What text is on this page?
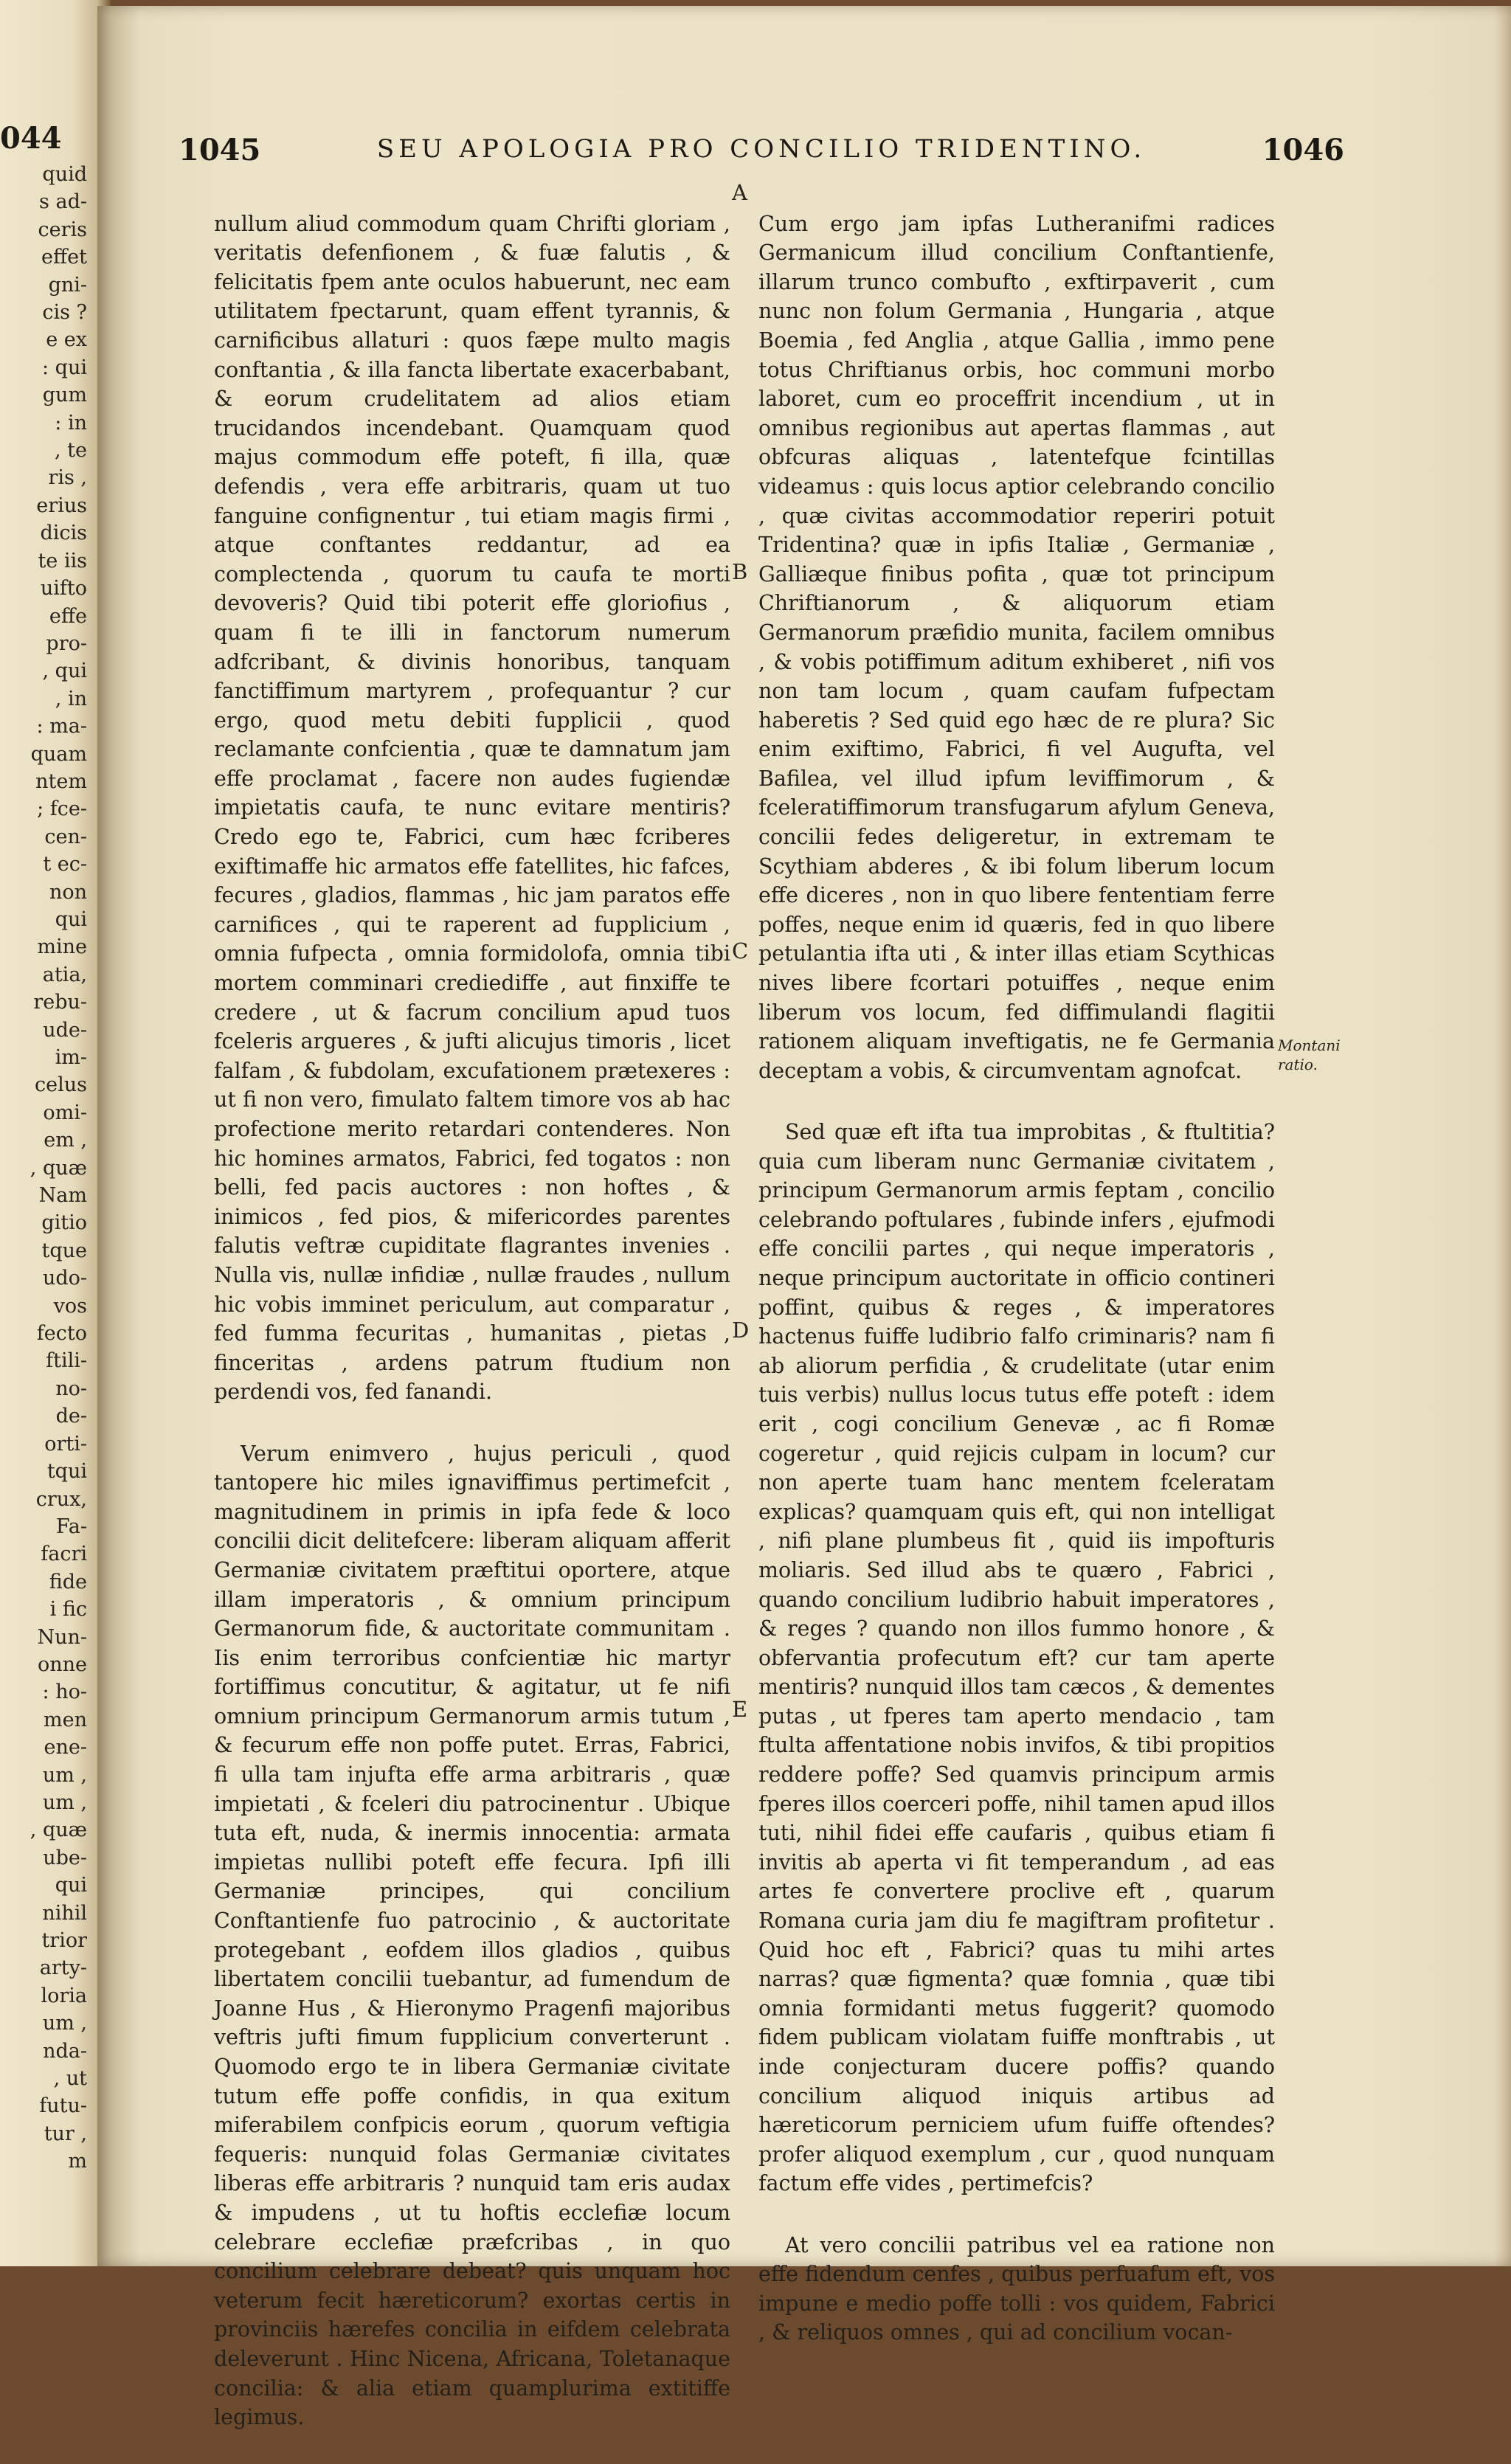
044
quid
s ad-
ceris
effet
gni-
cis ?
e ex
: qui
gum
: in
, te
ris ,
erius
dicis
te iis
uifto
effe
pro-
, qui
, in
: ma-
quam
ntem
; fce-
cen-
t ec-
non
qui
mine
atia,
rebu-
ude-
im-
celus
omi-
em ,
, quæ
Nam
gitio
tque
udo-
vos
fecto
ftili-
no-
de-
orti-
tqui
crux,
Fa-
facri
fide
i fic
Nun-
onne
: ho-
men
ene-
um ,
um ,
, quæ
ube-
qui
nihil
trior
arty-
loria
um ,
nda-
, ut
futu-
tur ,
m
1045	SEU APOLOGIA PRO CONCILIO TRIDENTINO.	1046

nullum aliud commodum quam Chrifti gloriam , veritatis defenfionem , & fuæ falutis , & felicitatis fpem ante oculos habuerunt, nec eam utilitatem fpectarunt, quam effent tyrannis, & carnificibus allaturi : quos fæpe multo magis conftantia , & illa fancta libertate exacerbabant, & eorum crudelitatem ad alios etiam trucidandos incendebant. Quamquam quod majus commodum effe poteft, fi illa, quæ defendis , vera effe arbitraris, quam ut tuo fanguine confignentur , tui etiam magis firmi , atque conftantes reddantur, ad ea complectenda , quorum tu caufa te morti devoveris? Quid tibi poterit effe gloriofius , quam fi te illi in fanctorum numerum adfcribant, & divinis honoribus, tanquam fanctiffimum martyrem , profequantur ? cur ergo, quod metu debiti fupplicii , quod reclamante confcientia , quæ te damnatum jam effe proclamat , facere non audes fugiendæ impietatis caufa, te nunc evitare mentiris? Credo ego te, Fabrici, cum hæc fcriberes exiftimaffe hic armatos effe fatellites, hic fafces, fecures , gladios, flammas , hic jam paratos effe carnifices , qui te raperent ad fupplicium , omnia fufpecta , omnia formidolofa, omnia tibi mortem comminari crediediffe , aut finxiffe te credere , ut & facrum concilium apud tuos fceleris argueres , & jufti alicujus timoris , licet falfam , & fubdolam, excufationem prætexeres : ut fi non vero, fimulato faltem timore vos ab hac profectione merito retardari contenderes. Non hic homines armatos, Fabrici, fed togatos : non belli, fed pacis auctores : non hoftes , & inimicos , fed pios, & mifericordes parentes falutis veftræ cupiditate flagrantes invenies . Nulla vis, nullæ infidiæ , nullæ fraudes , nullum hic vobis imminet periculum, aut comparatur , fed fumma fecuritas , humanitas , pietas , finceritas , ardens patrum ftudium non perdendi vos, fed fanandi.

Verum enimvero , hujus periculi , quod tantopere hic miles ignaviffimus pertimefcit , magnitudinem in primis in ipfa fede & loco concilii dicit delitefcere: liberam aliquam afferit Germaniæ civitatem præftitui oportere, atque illam imperatoris , & omnium principum Germanorum fide, & auctoritate communitam . Iis enim terroribus confcientiæ hic martyr fortiffimus concutitur, & agitatur, ut fe nifi omnium principum Germanorum armis tutum , & fecurum effe non poffe putet. Erras, Fabrici, fi ulla tam injufta effe arma arbitraris , quæ impietati , & fceleri diu patrocinentur . Ubique tuta eft, nuda, & inermis innocentia: armata impietas nullibi poteft effe fecura. Ipfi illi Germaniæ principes, qui concilium Conftantienfe fuo patrocinio , & auctoritate protegebant , eofdem illos gladios , quibus libertatem concilii tuebantur, ad fumendum de Joanne Hus , & Hieronymo Pragenfi majoribus veftris jufti fimum fupplicium converterunt . Quomodo ergo te in libera Germaniæ civitate tutum effe poffe confidis, in qua exitum miferabilem confpicis eorum , quorum veftigia fequeris: nunquid folas Germaniæ civitates liberas effe arbitraris ? nunquid tam eris audax & impudens , ut tu hoftis ecclefiæ locum celebrare ecclefiæ præfcribas , in quo concilium celebrare debeat? quis unquam hoc veterum fecit hæreticorum? exortas certis in provinciis hærefes concilia in eifdem celebrata deleverunt . Hinc Nicena, Africana, Toletanaque concilia: & alia etiam quamplurima extitiffe legimus.

A
B
C
D
E

Cum ergo jam ipfas Lutheranifmi radices Germanicum illud concilium Conftantienfe, illarum trunco combufto , exftirpaverit , cum nunc non folum Germania , Hungaria , atque Boemia , fed Anglia , atque Gallia , immo pene totus Chriftianus orbis, hoc communi morbo laboret, cum eo proceffrit incendium , ut in omnibus regionibus aut apertas flammas , aut obfcuras aliquas , latentefque fcintillas videamus : quis locus aptior celebrando concilio , quæ civitas accommodatior reperiri potuit Tridentina? quæ in ipfis Italiæ , Germaniæ , Galliæque finibus pofita , quæ tot principum Chriftianorum , & aliquorum etiam Germanorum præfidio munita, facilem omnibus , & vobis potiffimum aditum exhiberet , nifi vos non tam locum , quam caufam fufpectam haberetis ? Sed quid ego hæc de re plura? Sic enim exiftimo, Fabrici, fi vel Augufta, vel Bafilea, vel illud ipfum leviffimorum , & fceleratiffimorum transfugarum afylum Geneva, concilii fedes deligeretur, in extremam te Scythiam abderes , & ibi folum liberum locum effe diceres , non in quo libere fententiam ferre poffes, neque enim id quæris, fed in quo libere petulantia ifta uti , & inter illas etiam Scythicas nives libere fcortari potuiffes , neque enim liberum vos locum, fed diffimulandi flagitii rationem aliquam inveftigatis, ne fe Germania deceptam a vobis, & circumventam agnofcat.

Sed quæ eft ifta tua improbitas , & ftultitia? quia cum liberam nunc Germaniæ civitatem , principum Germanorum armis feptam , concilio celebrando poftulares , fubinde infers , ejufmodi effe concilii partes , qui neque imperatoris , neque principum auctoritate in officio contineri poffint, quibus & reges , & imperatores hactenus fuiffe ludibrio falfo criminaris? nam fi ab aliorum perfidia , & crudelitate (utar enim tuis verbis) nullus locus tutus effe poteft : idem erit , cogi concilium Genevæ , ac fi Romæ cogeretur , quid rejicis culpam in locum? cur non aperte tuam hanc mentem fceleratam explicas? quamquam quis eft, qui non intelligat , nifi plane plumbeus fit , quid iis impofturis moliaris. Sed illud abs te quæro , Fabrici , quando concilium ludibrio habuit imperatores , & reges ? quando non illos fummo honore , & obfervantia profecutum eft? cur tam aperte mentiris? nunquid illos tam cæcos , & dementes putas , ut fperes tam aperto mendacio , tam ftulta affentatione nobis invifos, & tibi propitios reddere poffe? Sed quamvis principum armis fperes illos coerceri poffe, nihil tamen apud illos tuti, nihil fidei effe caufaris , quibus etiam fi invitis ab aperta vi fit temperandum , ad eas artes fe convertere proclive eft , quarum Romana curia jam diu fe magiftram profitetur . Quid hoc eft , Fabrici? quas tu mihi artes narras? quæ figmenta? quæ fomnia , quæ tibi omnia formidanti metus fuggerit? quomodo fidem publicam violatam fuiffe monftrabis , ut inde conjecturam ducere poffis? quando concilium aliquod iniquis artibus ad hæreticorum perniciem ufum fuiffe oftendes? profer aliquod exemplum , cur , quod nunquam factum effe vides , pertimefcis?

At vero concilii patribus vel ea ratione non effe fidendum cenfes , quibus perfuafum eft, vos impune e medio poffe tolli : vos quidem, Fabrici , & reliquos omnes , qui ad concilium vocan-

Montani
ratio.
